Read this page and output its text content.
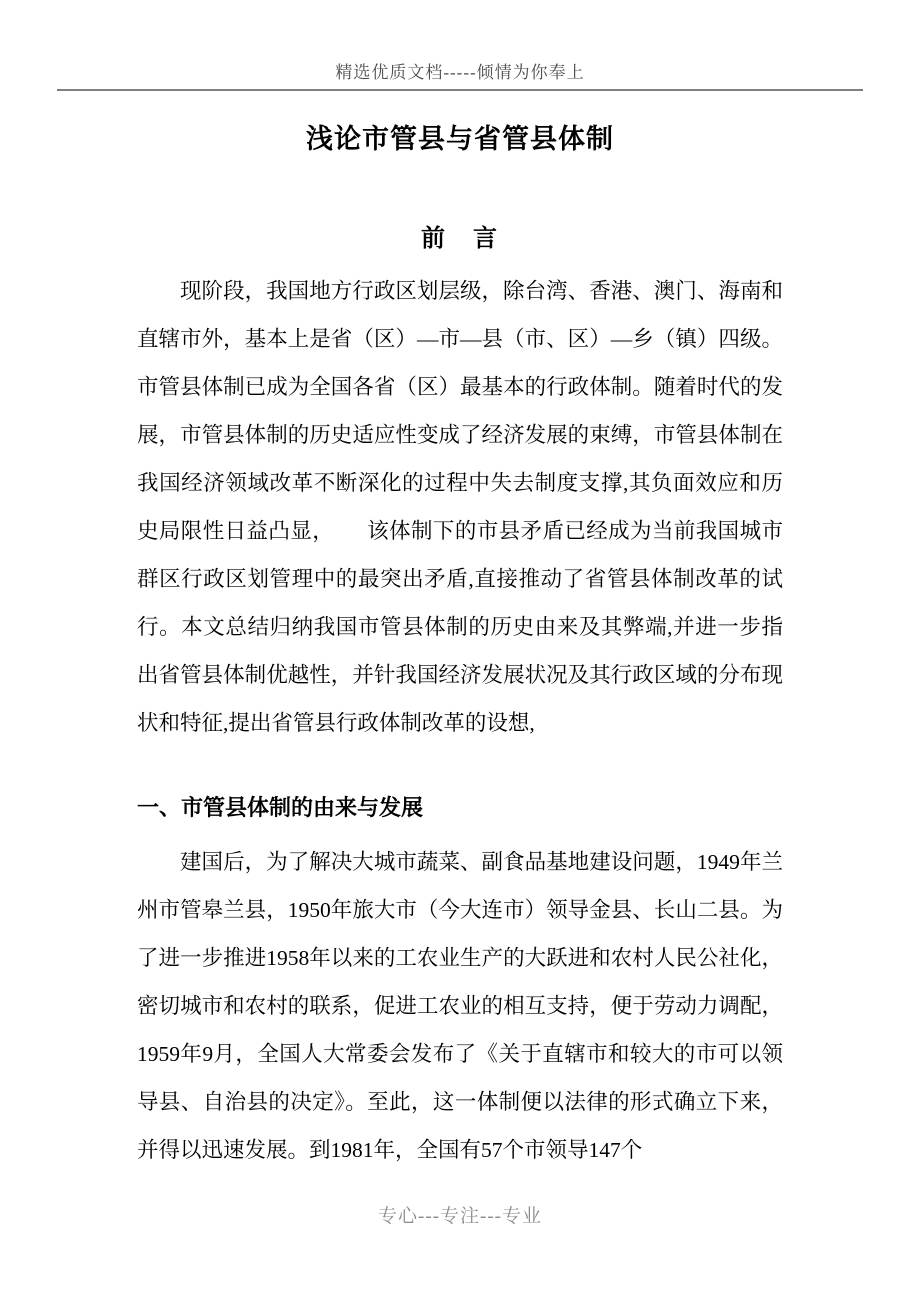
精选优质文档-----倾情为你奉上
浅论市管县与省管县体制
前　言

现阶段，我国地方行政区划层级，除台湾、香港、澳门、海南和直辖市外，基本上是省（区）—市—县（市、区）—乡（镇）四级。市管县体制已成为全国各省（区）最基本的行政体制。随着时代的发展，市管县体制的历史适应性变成了经济发展的束缚，市管县体制在我国经济领域改革不断深化的过程中失去制度支撑,其负面效应和历史局限性日益凸显，　　该体制下的市县矛盾已经成为当前我国城市群区行政区划管理中的最突出矛盾,直接推动了省管县体制改革的试行。本文总结归纳我国市管县体制的历史由来及其弊端,并进一步指出省管县体制优越性，并针我国经济发展状况及其行政区域的分布现状和特征,提出省管县行政体制改革的设想,

一、市管县体制的由来与发展

建国后，为了解决大城市蔬菜、副食品基地建设问题，1949年兰州市管皋兰县，1950年旅大市（今大连市）领导金县、长山二县。为了进一步推进1958年以来的工农业生产的大跃进和农村人民公社化，密切城市和农村的联系，促进工农业的相互支持，便于劳动力调配，1959年9月，全国人大常委会发布了《关于直辖市和较大的市可以领导县、自治县的决定》。至此，这一体制便以法律的形式确立下来，并得以迅速发展。到1981年，全国有57个市领导147个

专心---专注---专业
